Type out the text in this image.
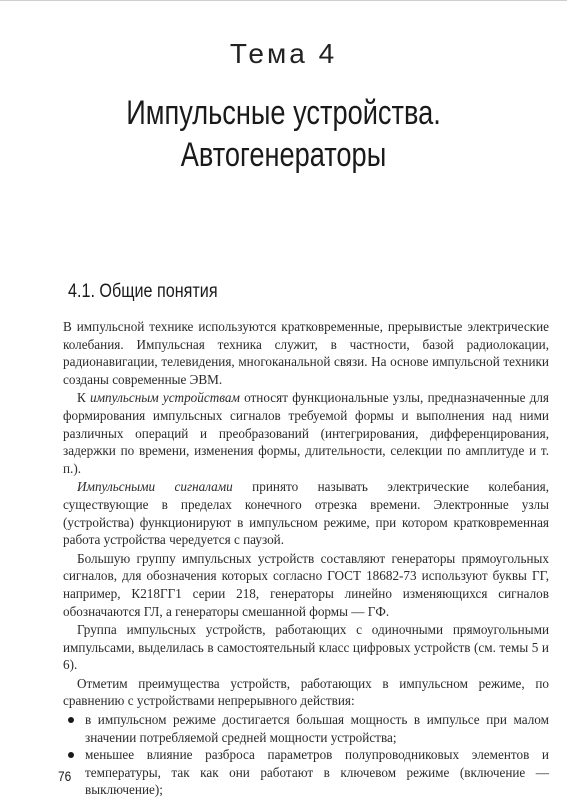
Тема 4
Импульсные устройства.
Автогенераторы
4.1. Общие понятия

В импульсной технике используются кратковременные, прерывистые электрические колебания. Импульсная техника служит, в частности, базой радиолокации, радионавигации, телевидения, многоканальной связи. На основе импульсной техники созданы современные ЭВМ.

К импульсным устройствам относят функциональные узлы, предназначенные для формирования импульсных сигналов требуемой формы и выполнения над ними различных операций и преобразований (интегрирования, дифференцирования, задержки по времени, изменения формы, длительности, селекции по амплитуде и т. п.).

Импульсными сигналами принято называть электрические колебания, существующие в пределах конечного отрезка времени. Электронные узлы (устройства) функционируют в импульсном режиме, при котором кратковременная работа устройства чередуется с паузой.

Большую группу импульсных устройств составляют генераторы прямоугольных сигналов, для обозначения которых согласно ГОСТ 18682-73 используют буквы ГГ, например, К218ГГ1 серии 218, генераторы линейно изменяющихся сигналов обозначаются ГЛ, а генераторы смешанной формы — ГФ.

Группа импульсных устройств, работающих с одиночными прямоугольными импульсами, выделилась в самостоятельный класс цифровых устройств (см. темы 5 и 6).

Отметим преимущества устройств, работающих в импульсном режиме, по сравнению с устройствами непрерывного действия:

в импульсном режиме достигается большая мощность в импульсе при малом значении потребляемой средней мощности устройства;
меньшее влияние разброса параметров полупроводниковых элементов и температуры, так как они работают в ключевом режиме (включение — выключение);
76
